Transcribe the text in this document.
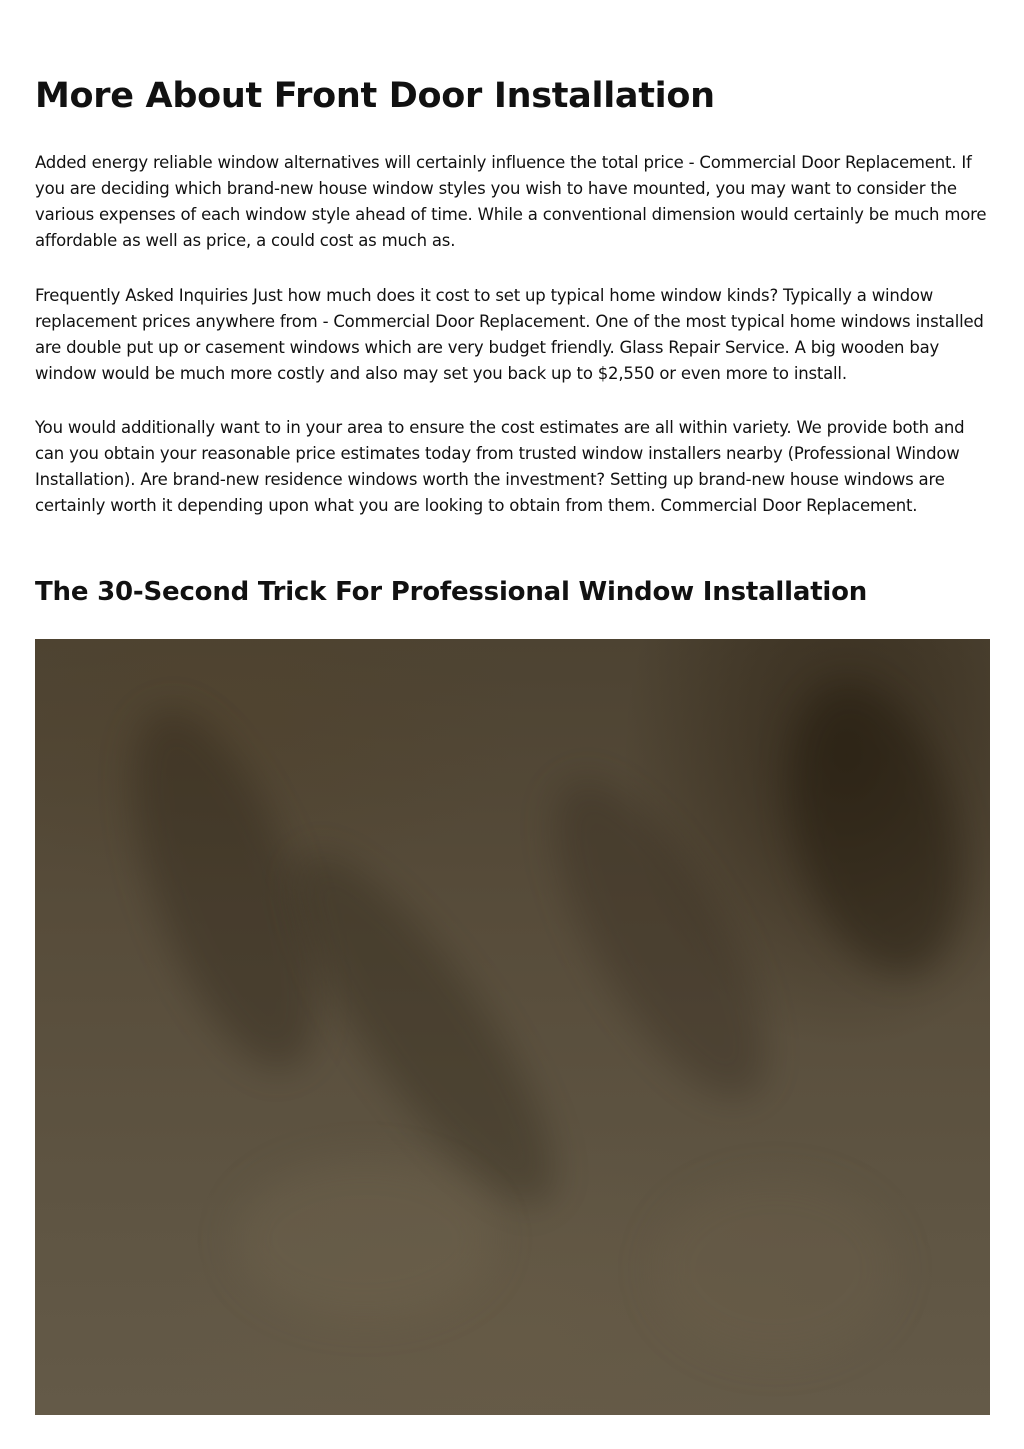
More About Front Door Installation

Added energy reliable window alternatives will certainly influence the total price - Commercial Door Replacement. If you are deciding which brand-new house window styles you wish to have mounted, you may want to consider the various expenses of each window style ahead of time. While a conventional dimension would certainly be much more affordable as well as price, a could cost as much as.

Frequently Asked Inquiries Just how much does it cost to set up typical home window kinds? Typically a window replacement prices anywhere from - Commercial Door Replacement. One of the most typical home windows installed are double put up or casement windows which are very budget friendly. Glass Repair Service. A big wooden bay window would be much more costly and also may set you back up to $2,550 or even more to install.

You would additionally want to in your area to ensure the cost estimates are all within variety. We provide both and can you obtain your reasonable price estimates today from trusted window installers nearby (Professional Window Installation). Are brand-new residence windows worth the investment? Setting up brand-new house windows are certainly worth it depending upon what you are looking to obtain from them. Commercial Door Replacement.

The 30-Second Trick For Professional Window Installation
